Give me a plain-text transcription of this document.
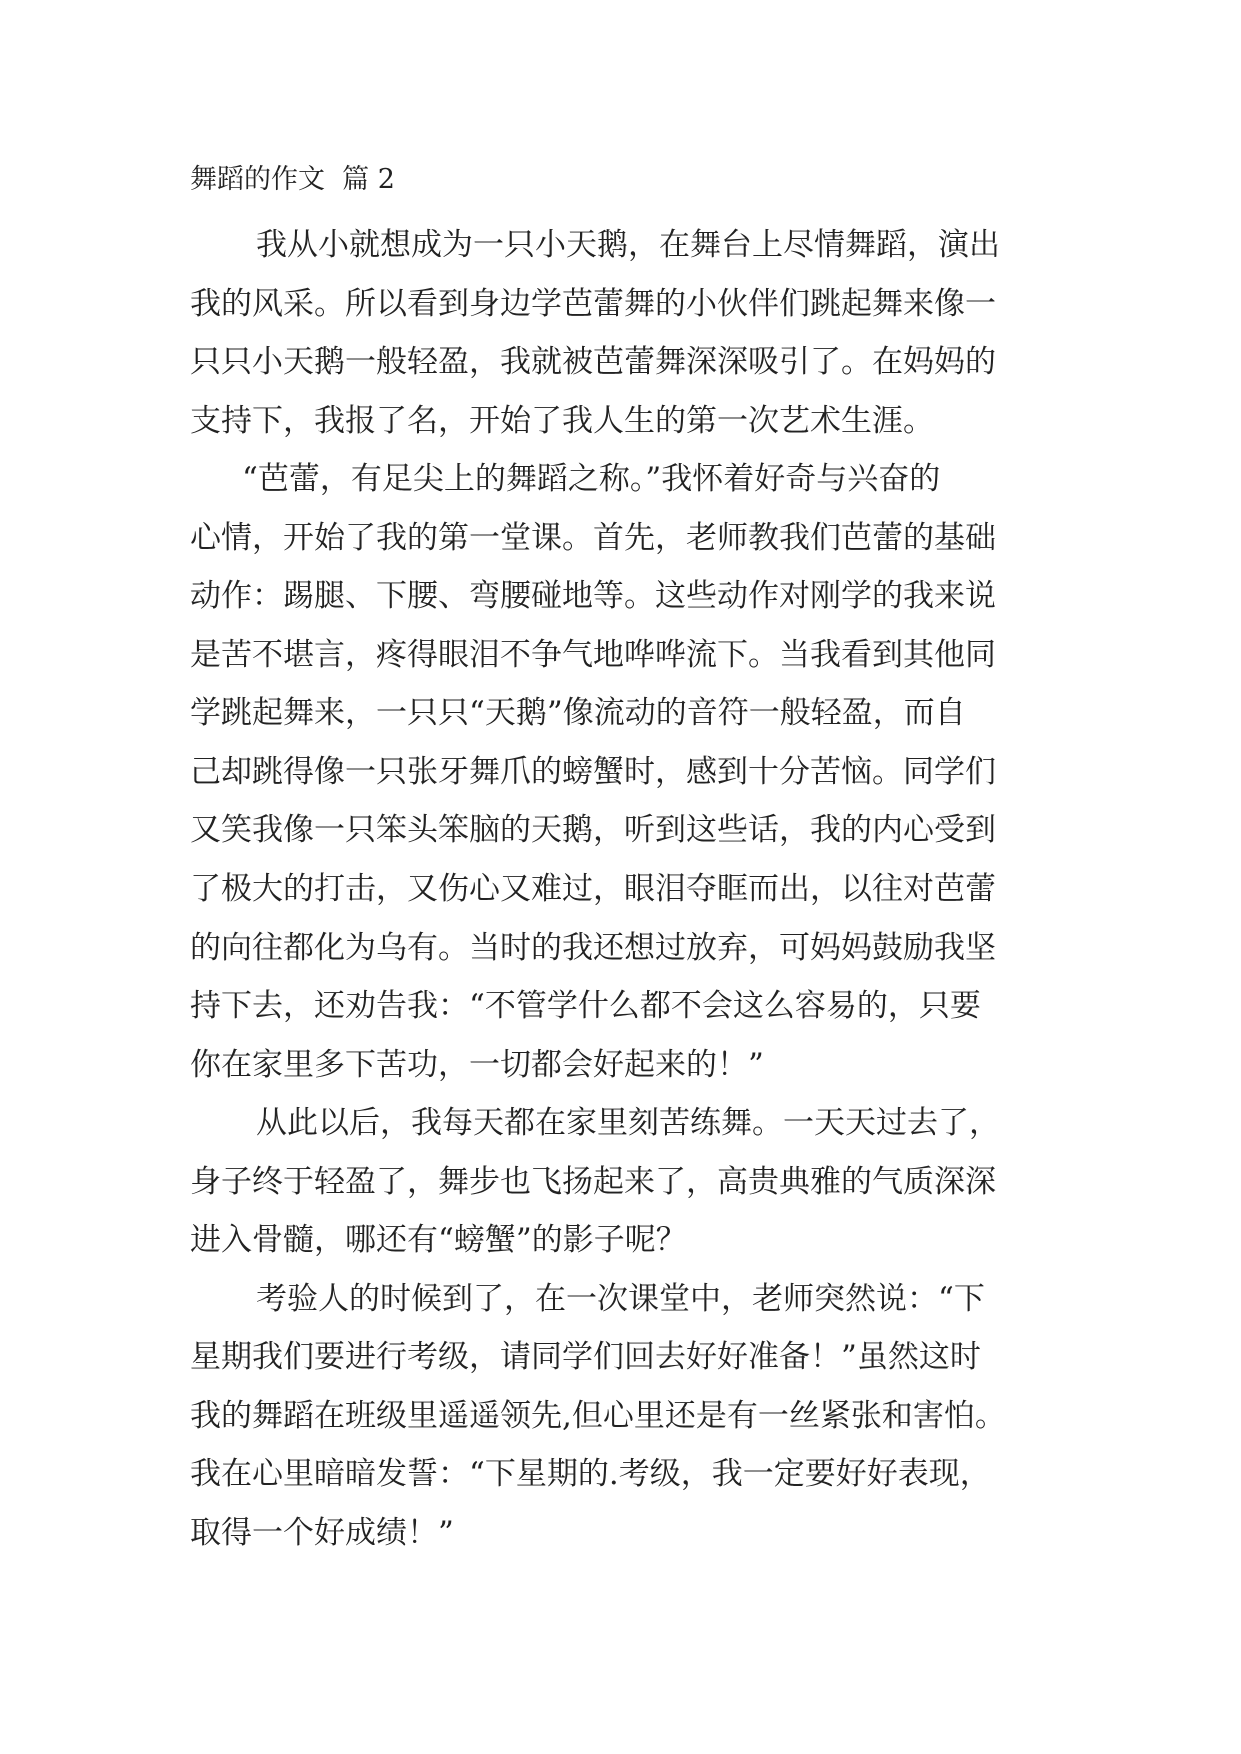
舞蹈的作文  篇 2
我从小就想成为一只小天鹅，在舞台上尽情舞蹈，演出
我的风采。所以看到身边学芭蕾舞的小伙伴们跳起舞来像一
只只小天鹅一般轻盈，我就被芭蕾舞深深吸引了。在妈妈的
支持下，我报了名，开始了我人生的第一次艺术生涯。
“芭蕾，有足尖上的舞蹈之称。”我怀着好奇与兴奋的
心情，开始了我的第一堂课。首先，老师教我们芭蕾的基础
动作：踢腿、下腰、弯腰碰地等。这些动作对刚学的我来说
是苦不堪言，疼得眼泪不争气地哗哗流下。当我看到其他同
学跳起舞来，一只只“天鹅”像流动的音符一般轻盈，而自
己却跳得像一只张牙舞爪的螃蟹时，感到十分苦恼。同学们
又笑我像一只笨头笨脑的天鹅，听到这些话，我的内心受到
了极大的打击，又伤心又难过，眼泪夺眶而出，以往对芭蕾
的向往都化为乌有。当时的我还想过放弃，可妈妈鼓励我坚
持下去，还劝告我：“不管学什么都不会这么容易的，只要
你在家里多下苦功，一切都会好起来的！”
从此以后，我每天都在家里刻苦练舞。一天天过去了，
身子终于轻盈了，舞步也飞扬起来了，高贵典雅的气质深深
进入骨髓，哪还有“螃蟹”的影子呢？
考验人的时候到了，在一次课堂中，老师突然说：“下
星期我们要进行考级，请同学们回去好好准备！”虽然这时
我的舞蹈在班级里遥遥领先,但心里还是有一丝紧张和害怕。
我在心里暗暗发誓：“下星期的.考级，我一定要好好表现，
取得一个好成绩！”
